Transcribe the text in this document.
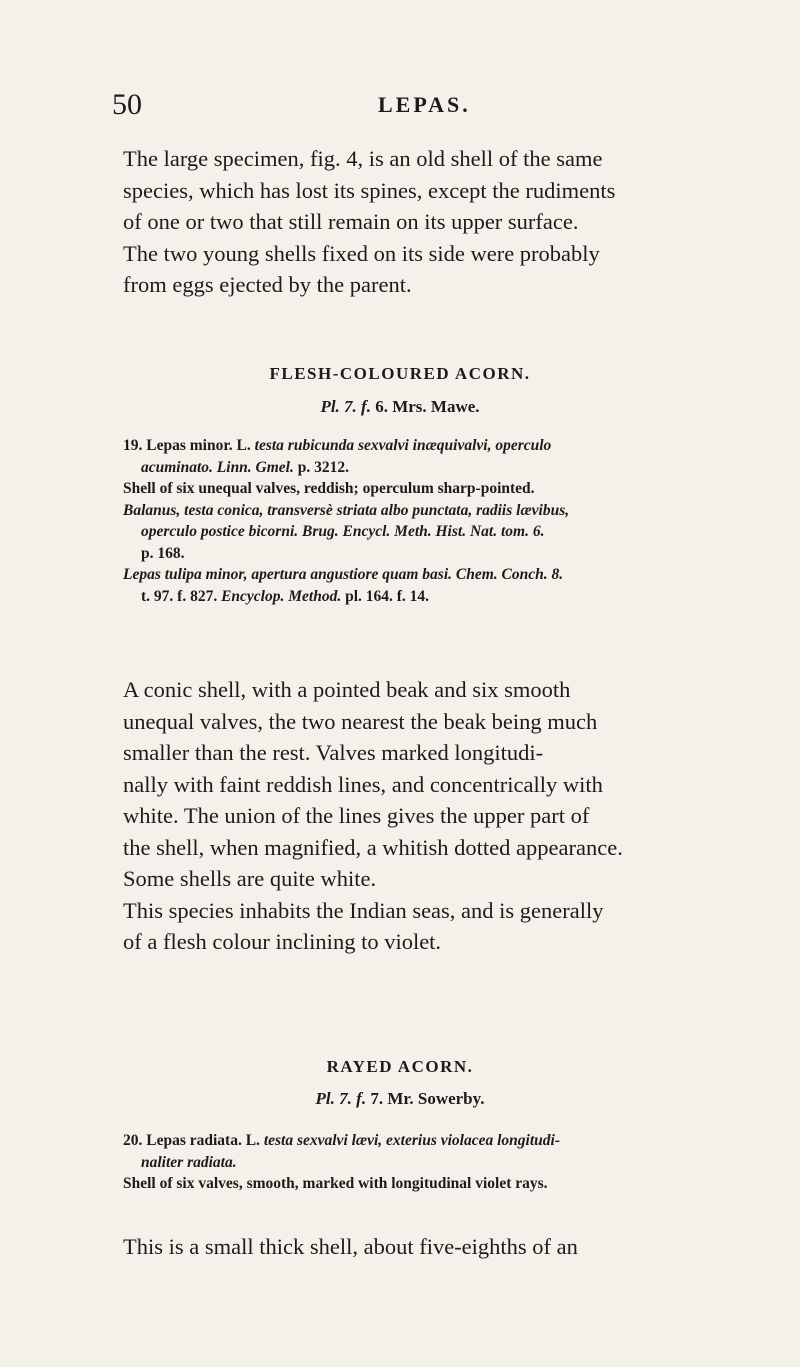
50	LEPAS.
The large specimen, fig. 4, is an old shell of the same
species, which has lost its spines, except the rudiments
of one or two that still remain on its upper surface.
The two young shells fixed on its side were probably
from eggs ejected by the parent.
FLESH-COLOURED ACORN.
Pl. 7. f. 6. Mrs. Mawe.
19. Lepas minor. L. testa rubicunda sexvalvi inæquivalvi, operculo
acuminato. Linn. Gmel. p. 3212.
Shell of six unequal valves, reddish; operculum sharp-pointed.
Balanus, testa conica, transversè striata albo punctata, radiis lævibus,
operculo postice bicorni. Brug. Encycl. Meth. Hist. Nat. tom. 6.
p. 168.
Lepas tulipa minor, apertura angustiore quam basi. Chem. Conch. 8.
t. 97. f. 827. Encyclop. Method. pl. 164. f. 14.
A conic shell, with a pointed beak and six smooth
unequal valves, the two nearest the beak being much
smaller than the rest. Valves marked longitudi-
nally with faint reddish lines, and concentrically with
white. The union of the lines gives the upper part of
the shell, when magnified, a whitish dotted appearance.
Some shells are quite white.
This species inhabits the Indian seas, and is generally
of a flesh colour inclining to violet.
RAYED ACORN.
Pl. 7. f. 7. Mr. Sowerby.
20. Lepas radiata. L. testa sexvalvi lævi, exterius violacea longitudi-
naliter radiata.
Shell of six valves, smooth, marked with longitudinal violet rays.
This is a small thick shell, about five-eighths of an
